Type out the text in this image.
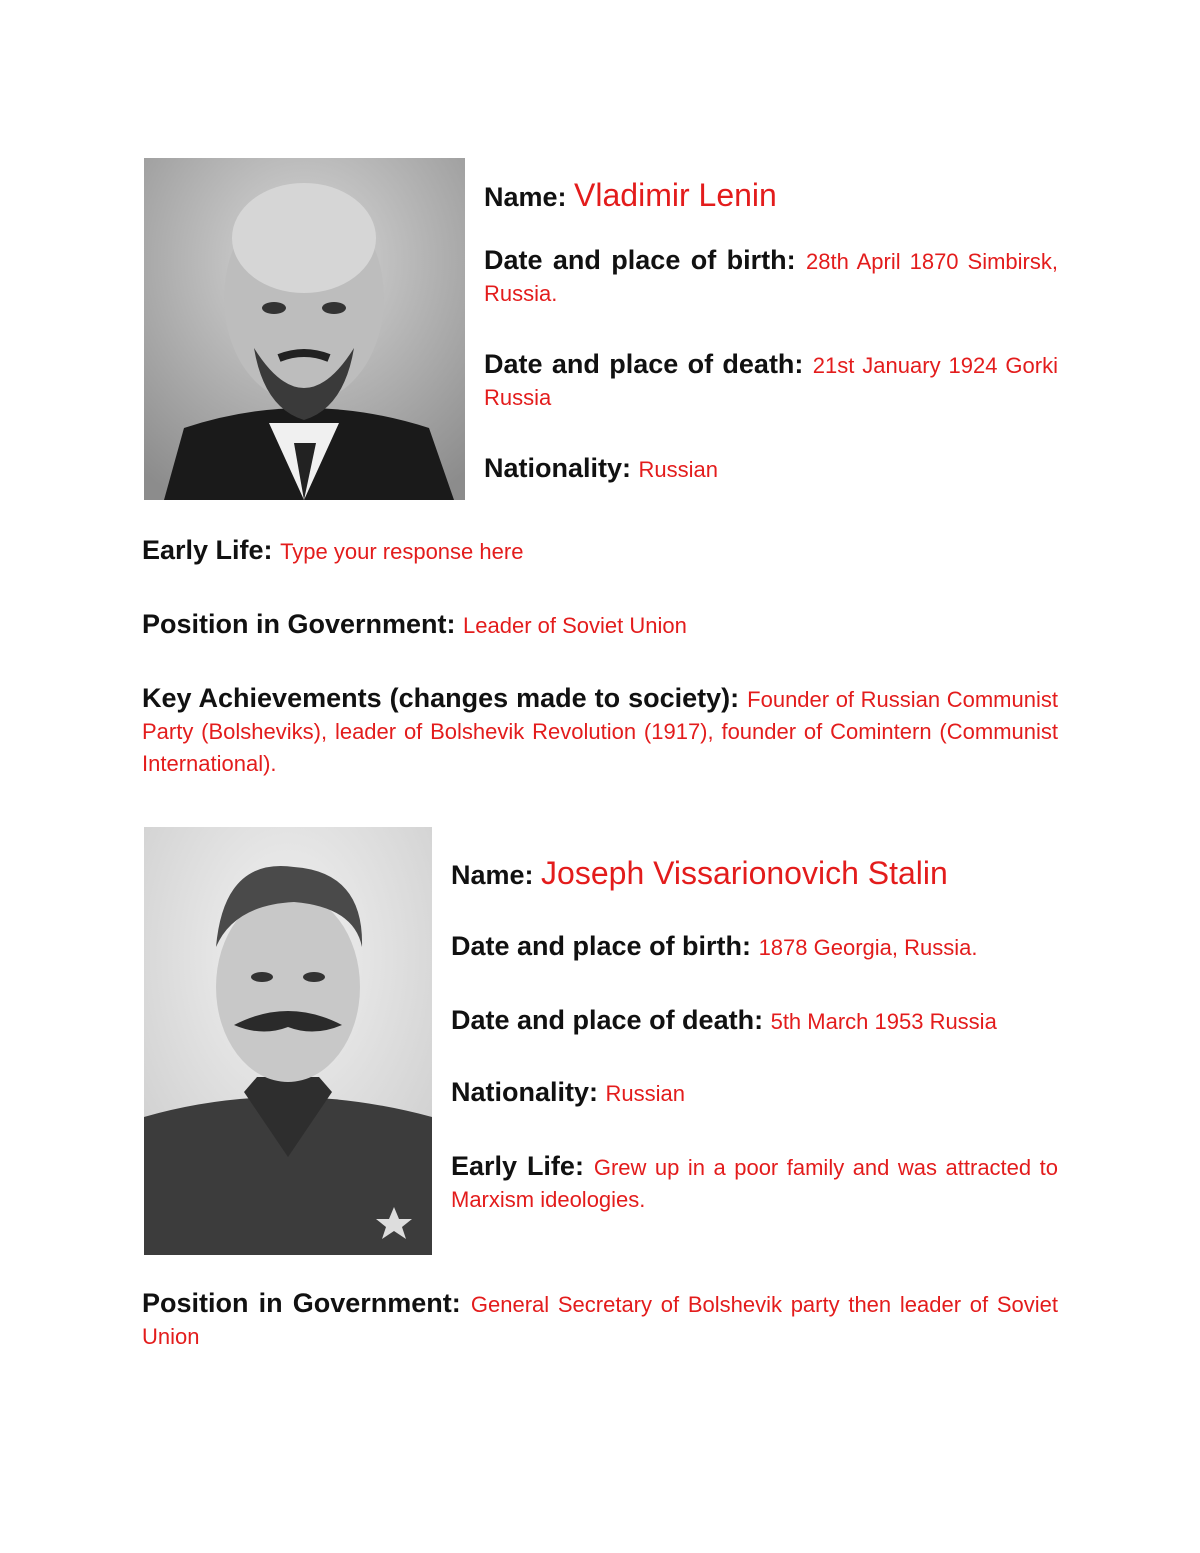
Name: Vladimir Lenin

Date and place of birth: 28th April 1870 Simbirsk, Russia.

Date and place of death: 21st January 1924 Gorki Russia

Nationality: Russian

Early Life: Type your response here

Position in Government: Leader of Soviet Union

Key Achievements (changes made to society): Founder of Russian Communist Party (Bolsheviks), leader of Bolshevik Revolution (1917), founder of Comintern (Communist International).

Name: Joseph Vissarionovich Stalin

Date and place of birth: 1878 Georgia, Russia.

Date and place of death: 5th March 1953 Russia

Nationality: Russian

Early Life: Grew up in a poor family and was attracted to Marxism ideologies.

Position in Government: General Secretary of Bolshevik party then leader of Soviet Union
